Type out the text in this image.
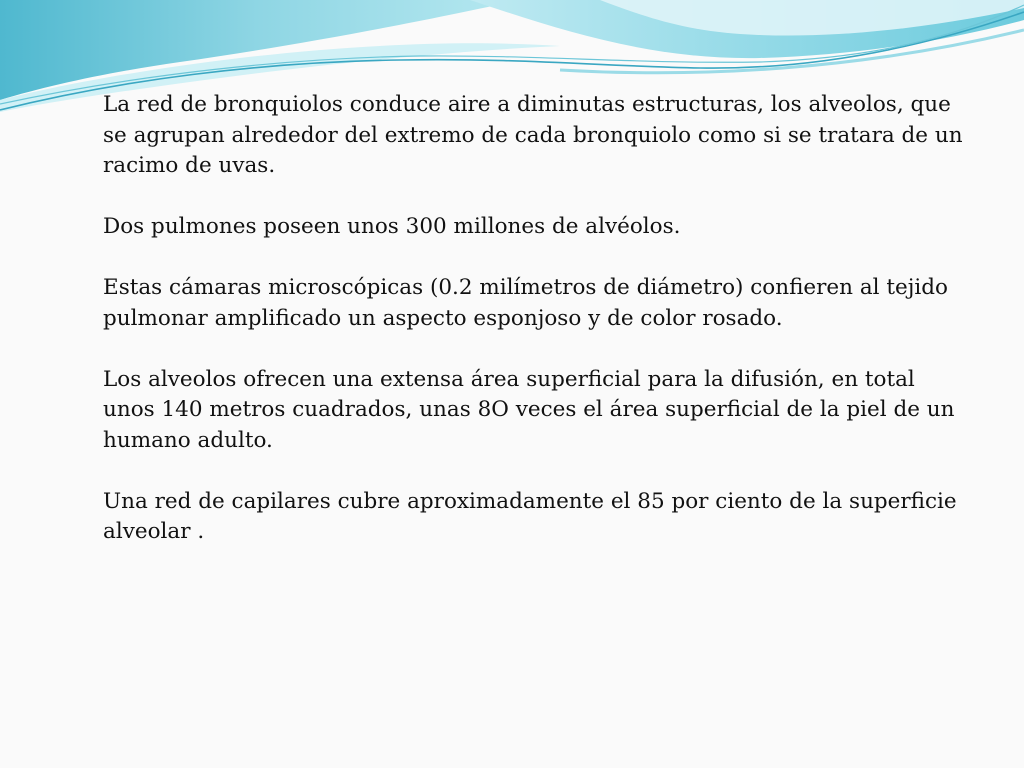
La red de bronquiolos conduce aire a diminutas estructuras, los alveolos, que se agrupan alrededor del extremo de cada bronquiolo como si se tratara de un racimo de uvas.

Dos pulmones poseen unos 300 millones de alvéolos.

Estas cámaras microscópicas (0.2 milímetros de diámetro) confieren al tejido pulmonar amplificado un aspecto esponjoso y de color rosado.

Los alveolos ofrecen una extensa área superficial para la difusión, en total unos 140 metros cuadrados, unas 8O veces el área superficial de la piel de un humano adulto.

Una red de capilares cubre aproximadamente el 85 por ciento de la superficie alveolar .
